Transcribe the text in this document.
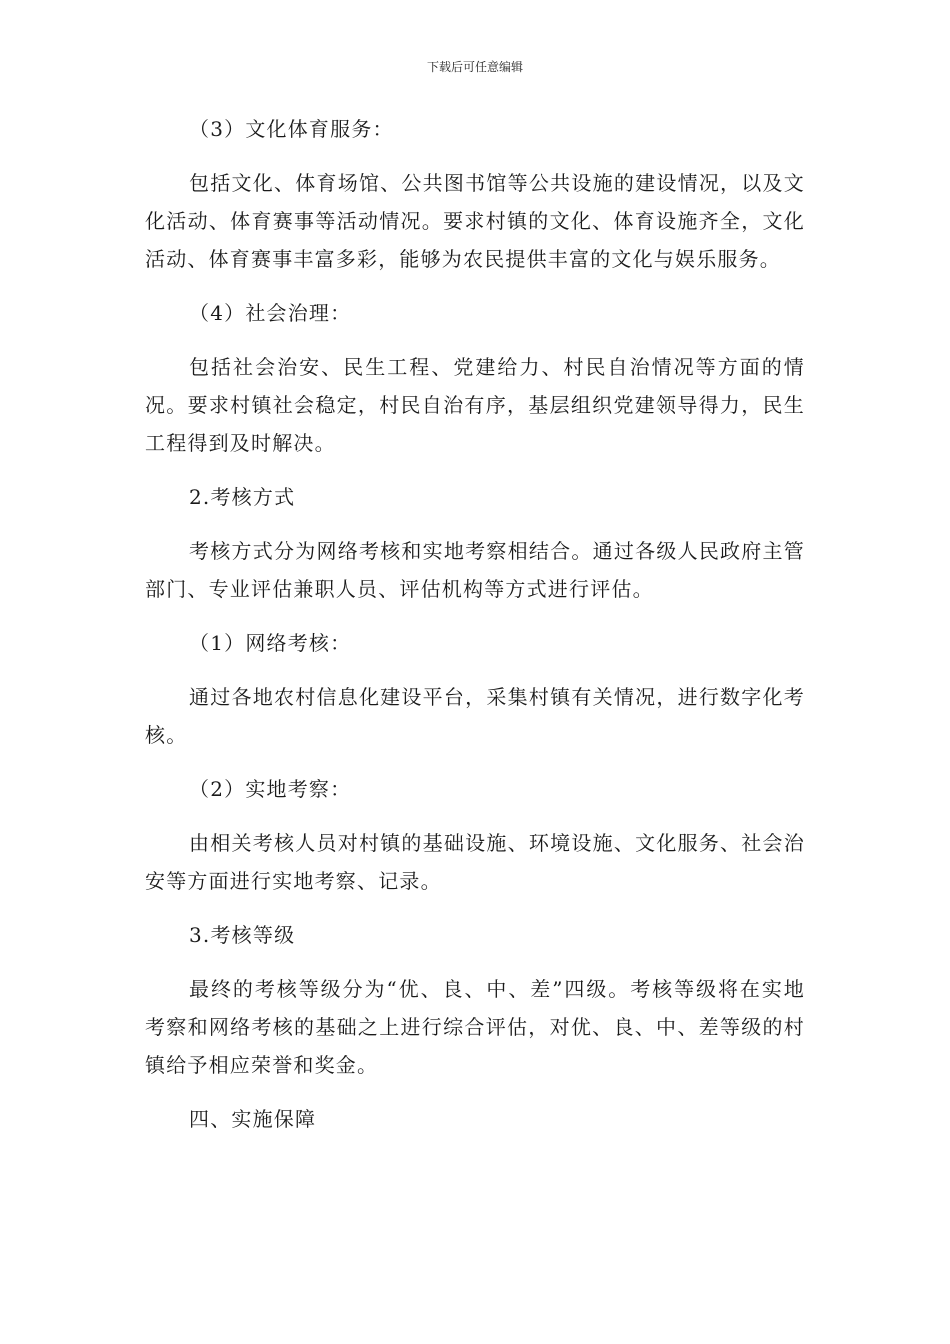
下载后可任意编辑

（3）文化体育服务：

包括文化、体育场馆、公共图书馆等公共设施的建设情况，以及文化活动、体育赛事等活动情况。要求村镇的文化、体育设施齐全，文化活动、体育赛事丰富多彩，能够为农民提供丰富的文化与娱乐服务。

（4）社会治理：

包括社会治安、民生工程、党建给力、村民自治情况等方面的情况。要求村镇社会稳定，村民自治有序，基层组织党建领导得力，民生工程得到及时解决。

2.考核方式

考核方式分为网络考核和实地考察相结合。通过各级人民政府主管部门、专业评估兼职人员、评估机构等方式进行评估。

（1）网络考核：

通过各地农村信息化建设平台，采集村镇有关情况，进行数字化考核。

（2）实地考察：

由相关考核人员对村镇的基础设施、环境设施、文化服务、社会治安等方面进行实地考察、记录。

3.考核等级

最终的考核等级分为“优、良、中、差”四级。考核等级将在实地考察和网络考核的基础之上进行综合评估，对优、良、中、差等级的村镇给予相应荣誉和奖金。

四、实施保障
